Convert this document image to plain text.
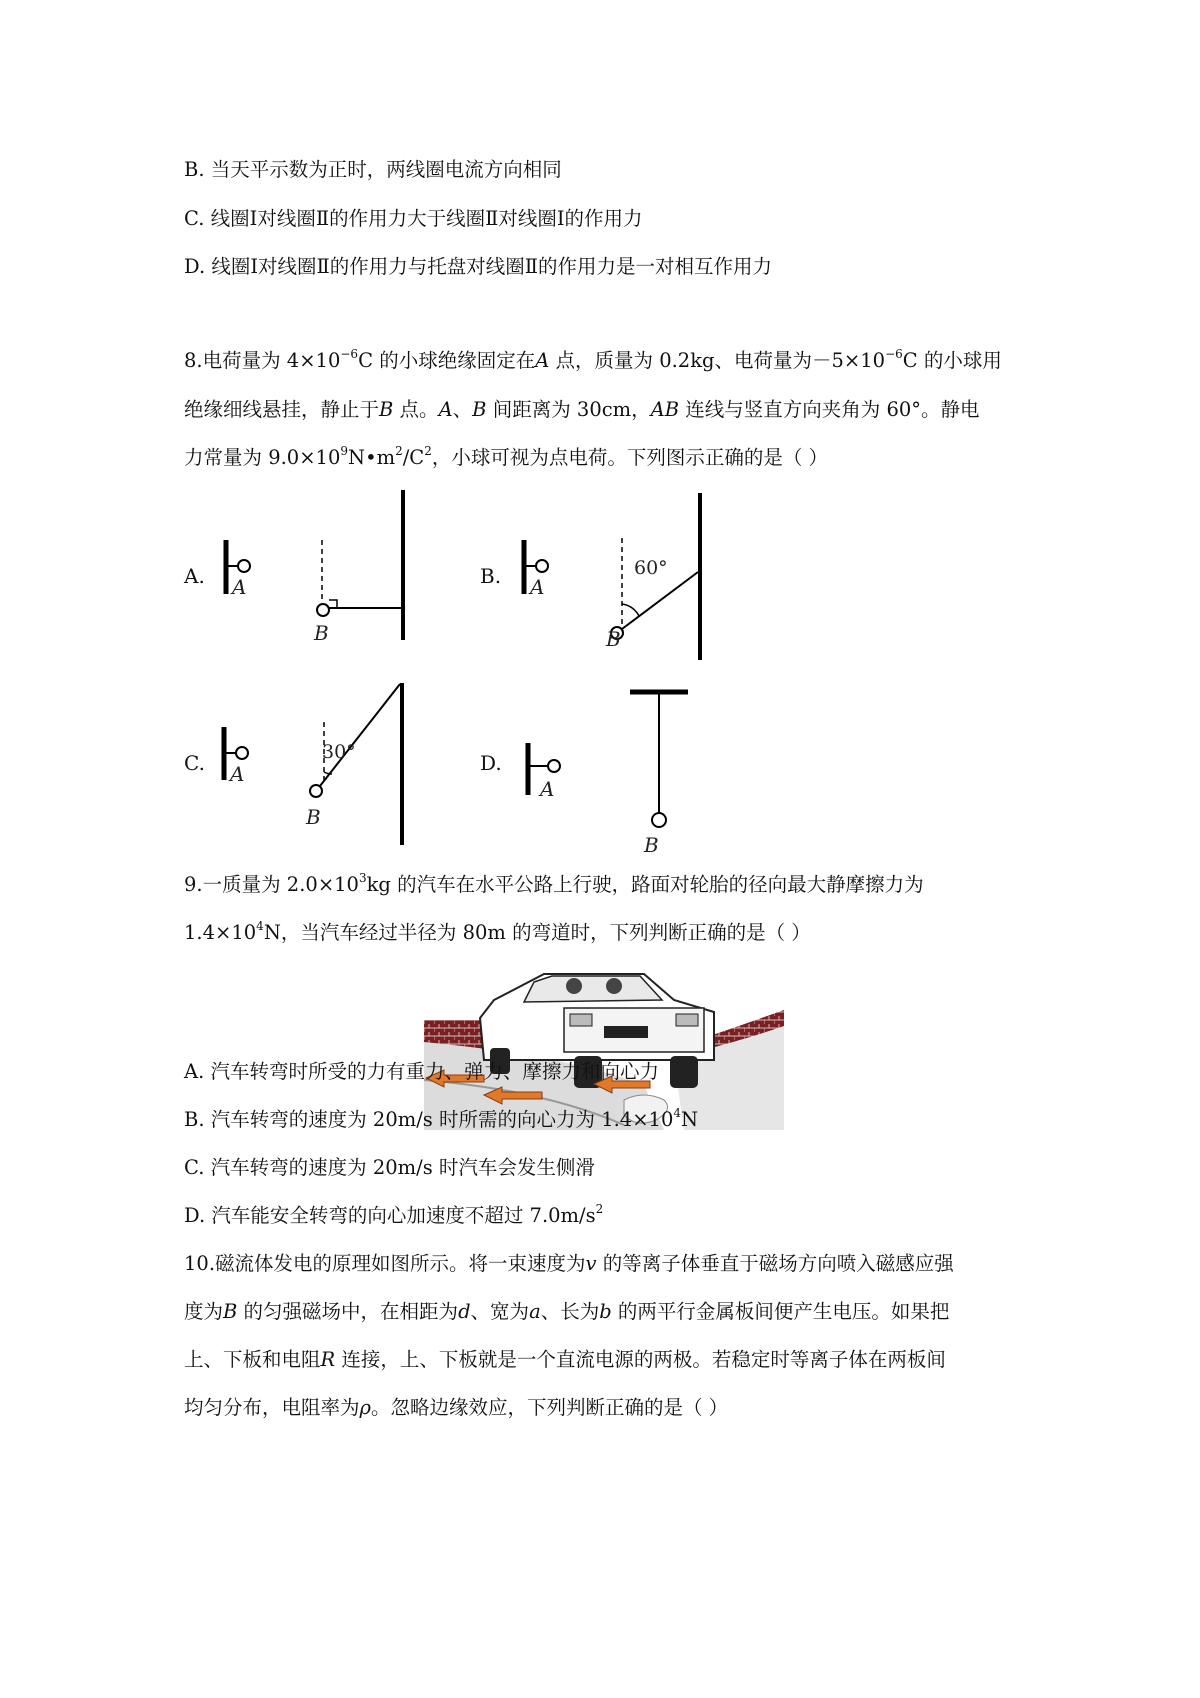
B. 当天平示数为正时，两线圈电流方向相同
C. 线圈Ⅰ对线圈Ⅱ的作用力大于线圈Ⅱ对线圈Ⅰ的作用力
D. 线圈Ⅰ对线圈Ⅱ的作用力与托盘对线圈Ⅱ的作用力是一对相互作用力
8.电荷量为 $4\times 10^{-6}C$ 的小球绝缘固定在A 点，质量为 0.2kg、电荷量为$-5\times 10^{-6}C$ 的小球用
绝缘细线悬挂，静止于B 点。A、B 间距离为 30cm，AB 连线与竖直方向夹角为 60°。静电
力常量为 $9.0\times 10^9N•m^2/C^2$，小球可视为点电荷。下列图示正确的是（ ）
A.	B.
C.	D.
A
B
A
B
A
B
A
B
60°
30°
9.一质量为 $2.0\times 10^3kg$ 的汽车在水平公路上行驶，路面对轮胎的径向最大静摩擦力为
$1.4\times 10^4N$，当汽车经过半径为 80m 的弯道时，下列判断正确的是（ ）
A. 汽车转弯时所受的力有重力、弹力、摩擦力和向心力
B. 汽车转弯的速度为 20m/s 时所需的向心力为 $1.4\times 10^4N$
C. 汽车转弯的速度为 20m/s 时汽车会发生侧滑
D. 汽车能安全转弯的向心加速度不超过 $7.0m/s^2$
10.磁流体发电的原理如图所示。将一束速度为v 的等离子体垂直于磁场方向喷入磁感应强
度为B 的匀强磁场中，在相距为d、宽为a、长为b 的两平行金属板间便产生电压。如果把
上、下板和电阻R 连接，上、下板就是一个直流电源的两极。若稳定时等离子体在两板间
均匀分布，电阻率为ρ。忽略边缘效应，下列判断正确的是（ ）
